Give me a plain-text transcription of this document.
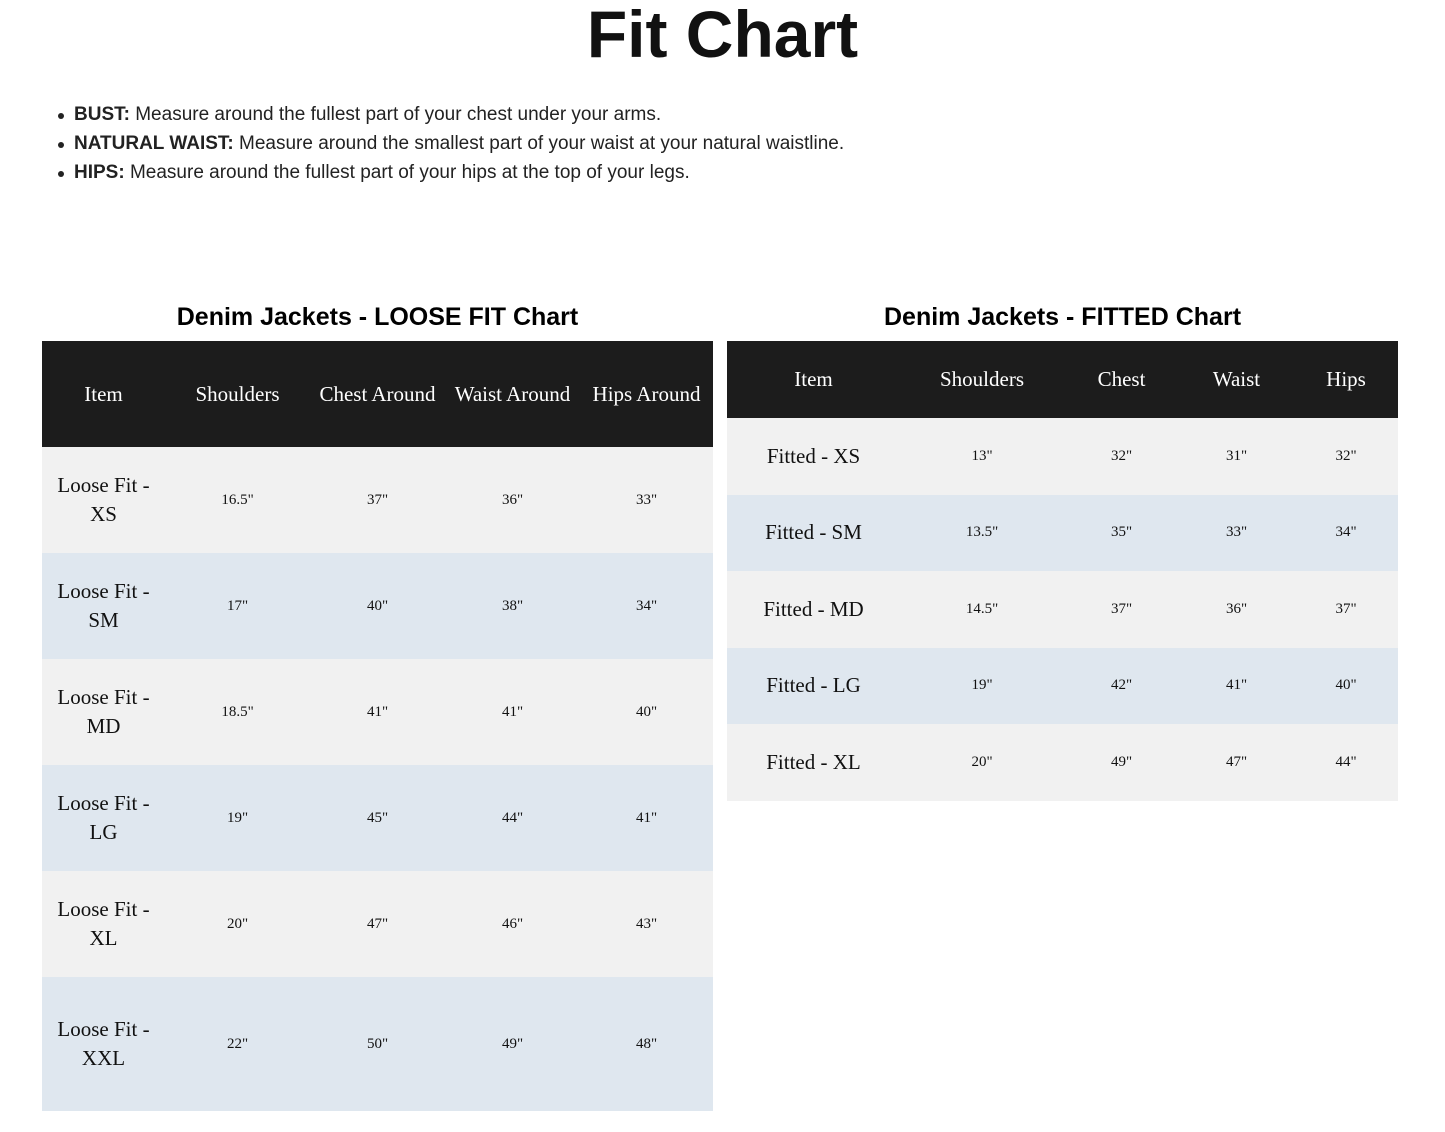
Fit Chart
BUST: Measure around the fullest part of your chest under your arms.
NATURAL WAIST: Measure around the smallest part of your waist at your natural waistline.
HIPS: Measure around the fullest part of your hips at the top of your legs.
Denim Jackets - LOOSE FIT Chart	Denim Jackets - FITTED Chart
Item	Shoulders	Chest Around	Waist Around	Hips Around
Loose Fit - XS	16.5"	37"	36"	33"
Loose Fit - SM	17"	40"	38"	34"
Loose Fit - MD	18.5"	41"	41"	40"
Loose Fit - LG	19"	45"	44"	41"
Loose Fit - XL	20"	47"	46"	43"
Loose Fit - XXL	22"	50"	49"	48"
Item	Shoulders	Chest	Waist	Hips
Fitted - XS	13"	32"	31"	32"
Fitted - SM	13.5"	35"	33"	34"
Fitted - MD	14.5"	37"	36"	37"
Fitted - LG	19"	42"	41"	40"
Fitted - XL	20"	49"	47"	44"
